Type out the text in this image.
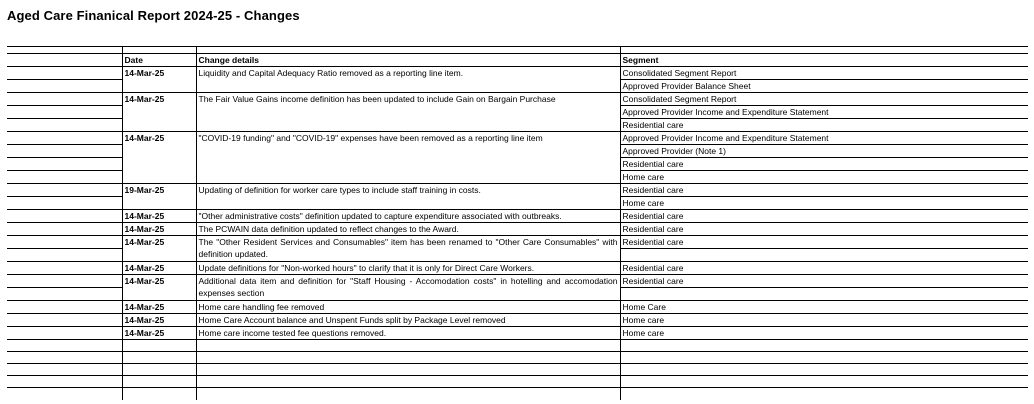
Aged Care Finanical Report 2024-25 - Changes

	Date	Change details	Segment
	14-Mar-25	Liquidity and Capital Adequacy Ratio removed as a reporting line item.	Consolidated Segment Report
			Approved Provider Balance Sheet
	14-Mar-25	The Fair Value Gains income definition has been updated to include Gain on Bargain Purchase	Consolidated Segment Report
			Approved Provider Income and Expenditure Statement
			Residential care
	14-Mar-25	"COVID-19 funding" and "COVID-19" expenses have been removed as a reporting line item	Approved Provider Income and Expenditure Statement
			Approved Provider (Note 1)
			Residential care
			Home care
	19-Mar-25	Updating of definition for worker care types to include staff training in costs.	Residential care
			Home care
	14-Mar-25	"Other administrative costs" definition updated to capture expenditure associated with outbreaks.	Residential care
	14-Mar-25	The PCWAIN data definition updated to reflect changes to the Award.	Residential care
	14-Mar-25	The "Other Resident Services and Consumables" item has been renamed to "Other Care Consumables" with definition updated.	Residential care

	14-Mar-25	Update definitions for "Non-worked hours" to clarify that it is only for Direct Care Workers.	Residential care
	14-Mar-25	Additional data item and definition for "Staff Housing - Accomodation costs" in hotelling and accomodation expenses section	Residential care

	14-Mar-25	Home care handling fee removed	Home Care
	14-Mar-25	Home Care Account balance and Unspent Funds split by Package Level removed	Home care
	14-Mar-25	Home care income tested fee questions removed.	Home care
